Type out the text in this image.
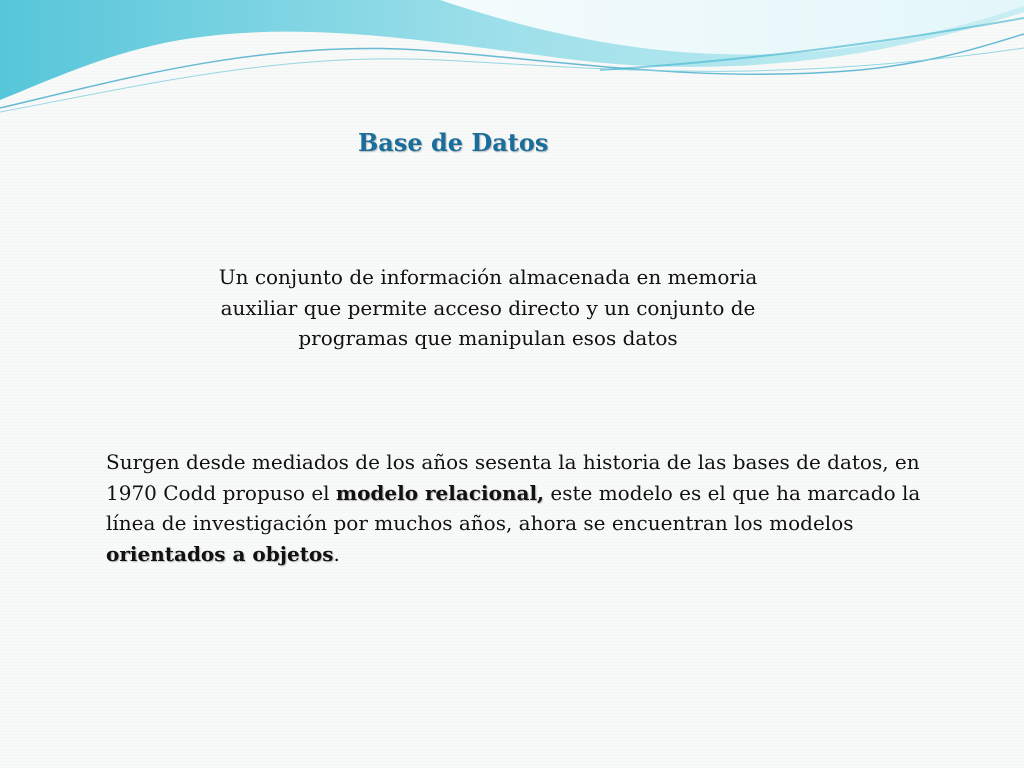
Base de Datos
Un conjunto de información almacenada en memoria auxiliar que permite acceso directo y un conjunto de programas que manipulan esos datos
Surgen desde mediados de los años sesenta la historia de las bases de datos, en 1970 Codd propuso el modelo relacional, este modelo es el que ha marcado la línea de investigación por muchos años, ahora se encuentran los modelos orientados a objetos.
